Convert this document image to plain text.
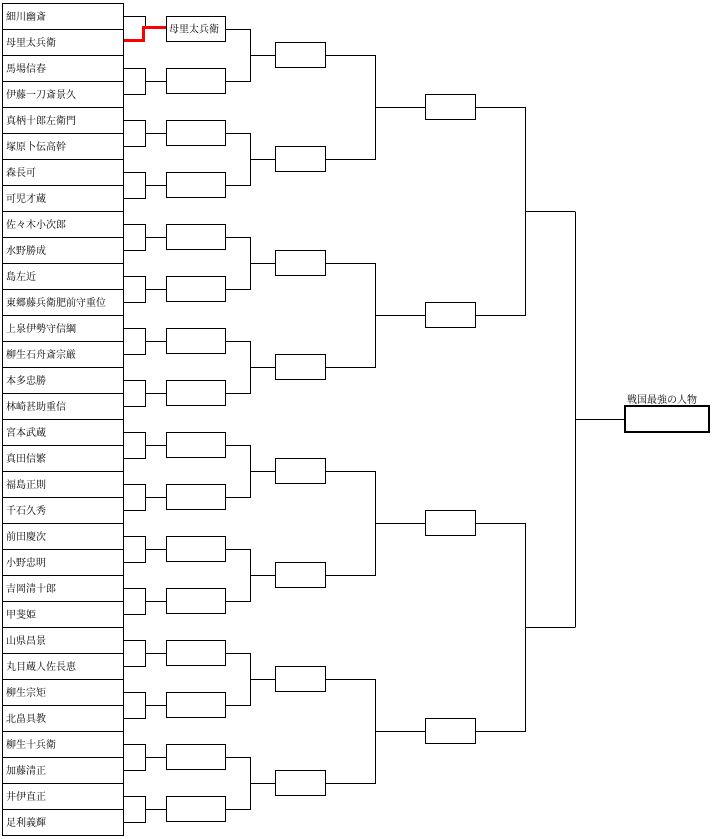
細川幽斎
母里太兵衛
馬場信春
伊藤一刀斎景久
真柄十郎左衛門
塚原卜伝高幹
森長可
可児才蔵
佐々木小次郎
水野勝成
島左近
東郷藤兵衛肥前守重位
上泉伊勢守信綱
柳生石舟斎宗厳
本多忠勝
林崎甚助重信
宮本武蔵
真田信繁
福島正則
千石久秀
前田慶次
小野忠明
吉岡清十郎
甲斐姫
山県昌景
丸目蔵人佐長恵
柳生宗矩
北畠具教
柳生十兵衛
加藤清正
井伊直正
足利義輝
母里太兵衛
戦国最強の人物
